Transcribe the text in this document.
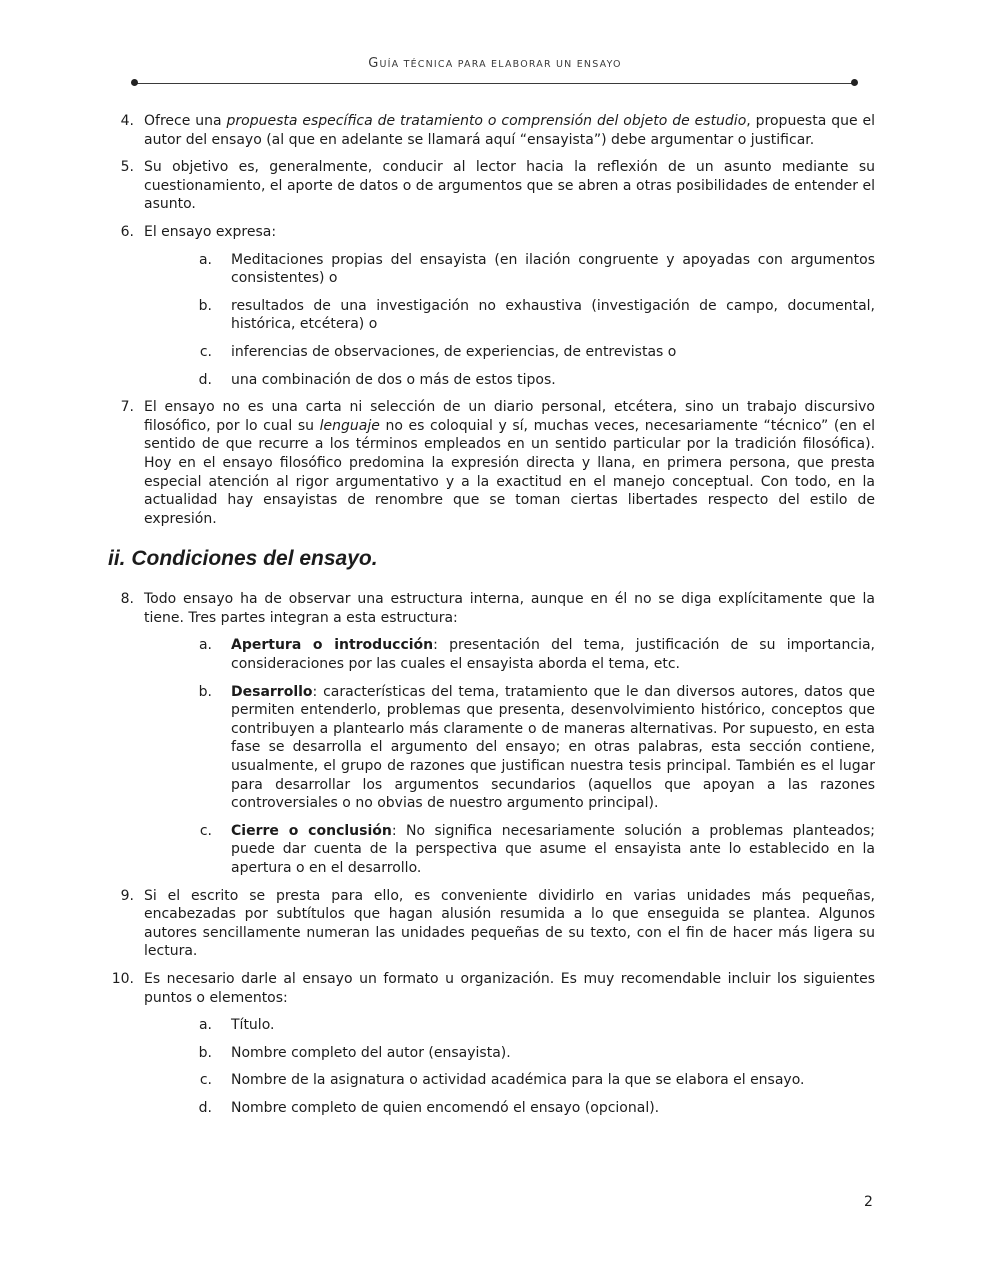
GUÍA TÉCNICA PARA ELABORAR UN ENSAYO
4. Ofrece una propuesta específica de tratamiento o comprensión del objeto de estudio, propuesta que el autor del ensayo (al que en adelante se llamará aquí “ensayista”) debe argumentar o justificar.
5. Su objetivo es, generalmente, conducir al lector hacia la reflexión de un asunto mediante su cuestionamiento, el aporte de datos o de argumentos que se abren a otras posibilidades de entender el asunto.
6. El ensayo expresa:
a. Meditaciones propias del ensayista (en ilación congruente y apoyadas con argumentos consistentes) o
b. resultados de una investigación no exhaustiva (investigación de campo, documental, histórica, etcétera) o
c. inferencias de observaciones, de experiencias, de entrevistas o
d. una combinación de dos o más de estos tipos.
7. El ensayo no es una carta ni selección de un diario personal, etcétera, sino un trabajo discursivo filosófico, por lo cual su lenguaje no es coloquial y sí, muchas veces, necesariamente “técnico” (en el sentido de que recurre a los términos empleados en un sentido particular por la tradición filosófica). Hoy en el ensayo filosófico predomina la expresión directa y llana, en primera persona, que presta especial atención al rigor argumentativo y a la exactitud en el manejo conceptual. Con todo, en la actualidad hay ensayistas de renombre que se toman ciertas libertades respecto del estilo de expresión.
ii. Condiciones del ensayo.
8. Todo ensayo ha de observar una estructura interna, aunque en él no se diga explícitamente que la tiene. Tres partes integran a esta estructura:
a. Apertura o introducción: presentación del tema, justificación de su importancia, consideraciones por las cuales el ensayista aborda el tema, etc.
b. Desarrollo: características del tema, tratamiento que le dan diversos autores, datos que permiten entenderlo, problemas que presenta, desenvolvimiento histórico, conceptos que contribuyen a plantearlo más claramente o de maneras alternativas. Por supuesto, en esta fase se desarrolla el argumento del ensayo; en otras palabras, esta sección contiene, usualmente, el grupo de razones que justifican nuestra tesis principal. También es el lugar para desarrollar los argumentos secundarios (aquellos que apoyan a las razones controversiales o no obvias de nuestro argumento principal).
c. Cierre o conclusión: No significa necesariamente solución a problemas planteados; puede dar cuenta de la perspectiva que asume el ensayista ante lo establecido en la apertura o en el desarrollo.
9. Si el escrito se presta para ello, es conveniente dividirlo en varias unidades más pequeñas, encabezadas por subtítulos que hagan alusión resumida a lo que enseguida se plantea. Algunos autores sencillamente numeran las unidades pequeñas de su texto, con el fin de hacer más ligera su lectura.
10. Es necesario darle al ensayo un formato u organización. Es muy recomendable incluir los siguientes puntos o elementos:
a. Título.
b. Nombre completo del autor (ensayista).
c. Nombre de la asignatura o actividad académica para la que se elabora el ensayo.
d. Nombre completo de quien encomendó el ensayo (opcional).
2
